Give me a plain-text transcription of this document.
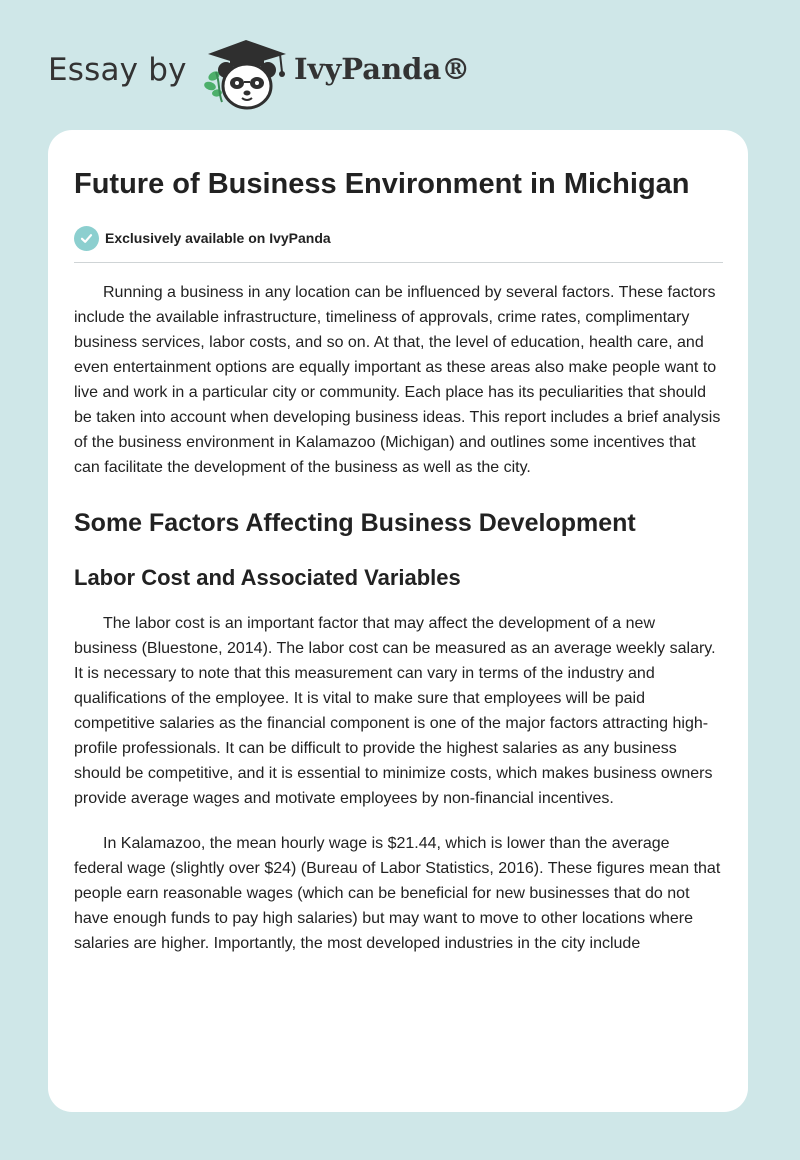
Essay by	IvyPanda®
Future of Business Environment in Michigan
Exclusively available on IvyPanda

Running a business in any location can be influenced by several factors. These factors include the available infrastructure, timeliness of approvals, crime rates, complimentary business services, labor costs, and so on. At that, the level of education, health care, and even entertainment options are equally important as these areas also make people want to live and work in a particular city or community. Each place has its peculiarities that should be taken into account when developing business ideas. This report includes a brief analysis of the business environment in Kalamazoo (Michigan) and outlines some incentives that can facilitate the development of the business as well as the city.

Some Factors Affecting Business Development
Labor Cost and Associated Variables

The labor cost is an important factor that may affect the development of a new business (Bluestone, 2014). The labor cost can be measured as an average weekly salary. It is necessary to note that this measurement can vary in terms of the industry and qualifications of the employee. It is vital to make sure that employees will be paid competitive salaries as the financial component is one of the major factors attracting high-profile professionals. It can be difficult to provide the highest salaries as any business should be competitive, and it is essential to minimize costs, which makes business owners provide average wages and motivate employees by non-financial incentives.

In Kalamazoo, the mean hourly wage is $21.44, which is lower than the average federal wage (slightly over $24) (Bureau of Labor Statistics, 2016). These figures mean that people earn reasonable wages (which can be beneficial for new businesses that do not have enough funds to pay high salaries) but may want to move to other locations where salaries are higher. Importantly, the most developed industries in the city include
